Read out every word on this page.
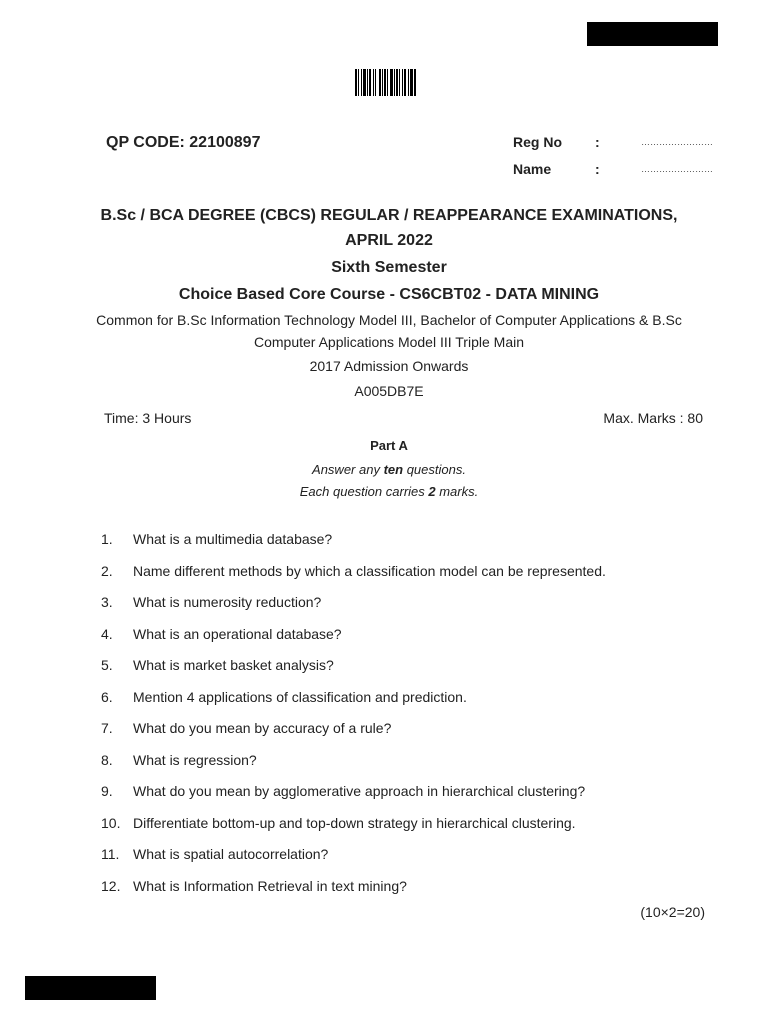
QP CODE: 22100897	Reg No	:	……………………
Name	:	……………………
B.Sc / BCA DEGREE (CBCS) REGULAR / REAPPEARANCE EXAMINATIONS,
APRIL 2022
Sixth Semester
Choice Based Core Course - CS6CBT02 - DATA MINING
Common for B.Sc Information Technology Model III, Bachelor of Computer Applications & B.Sc
Computer Applications Model III Triple Main
2017 Admission Onwards
A005DB7E
Time: 3 Hours	Max. Marks : 80
Part A
Answer any ten questions.
Each question carries 2 marks.
1.	What is a multimedia database?
2.	Name different methods by which a classification model can be represented.
3.	What is numerosity reduction?
4.	What is an operational database?
5.	What is market basket analysis?
6.	Mention 4 applications of classification and prediction.
7.	What do you mean by accuracy of a rule?
8.	What is regression?
9.	What do you mean by agglomerative approach in hierarchical clustering?
10. Differentiate bottom-up and top-down strategy in hierarchical clustering.
11. What is spatial autocorrelation?
12. What is Information Retrieval in text mining?
(10×2=20)
